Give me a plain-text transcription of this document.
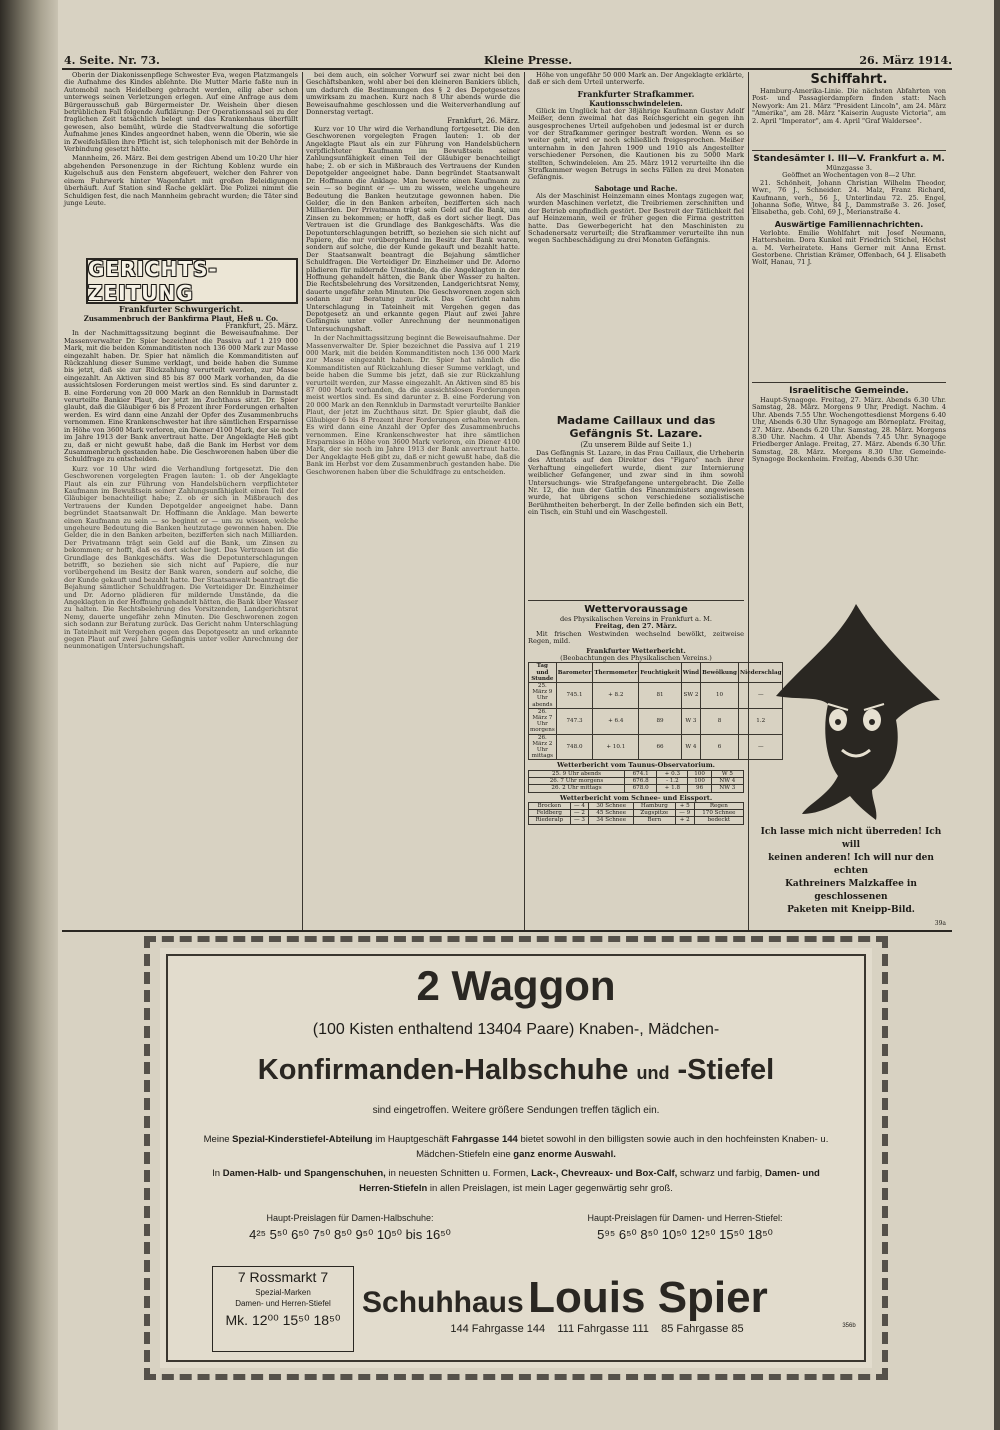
4. Seite. Nr. 73.	Kleine Presse.	26. März 1914.

Oberin der Diakonissenpflege Schwester Eva, wegen Platzmangels die Aufnahme des Kindes ablehnte. Die Mutter Marie faßte nun in Automobil nach Heidelberg gebracht werden, eilig aber schon unterwegs seinen Verletzungen erlegen. Auf eine Anfrage aus dem Bürgerausschuß gab Bürgermeister Dr. Weishein über diesen betrüblichen Fall folgende Aufklärung: Der Operationssaal sei zu der fraglichen Zeit tatsächlich belegt und das Krankenhaus überfüllt gewesen, also bemüht, würde die Stadtverwaltung die sofortige Aufnahme jenes Kindes angeordnet haben, wenn die Oberin, wie sie in Zweifelsfällen ihre Pflicht ist, sich telephonisch mit der Behörde in Verbindung gesetzt hätte.

Mannheim, 26. März. Bei dem gestrigen Abend um 10:20 Uhr hier abgehenden Personenzuge in der Richtung Koblenz wurde ein Kugelschuß aus den Fenstern abgefeuert, welcher den Fahrer von einem Fuhrwerk hinter Wagenfahrt mit großen Beleidigungen überhäuft. Auf Station sind Rache geklärt. Die Polizei nimmt die Schuldigen fest, die nach Mannheim gebracht wurden; die Täter sind junge Leute.

GERICHTS-ZEITUNG
Frankfurter Schwurgericht.
Zusammenbruch der Bankfirma Plaut, Heß u. Co.
Frankfurt, 25. März.

In der Nachmittagssitzung beginnt die Beweisaufnahme. Der Massenverwalter Dr. Spier bezeichnet die Passiva auf 1 219 000 Mark, mit die beiden Kommanditisten noch 136 000 Mark zur Masse eingezahlt haben. Dr. Spier hat nämlich die Kommanditisten auf Rückzahlung dieser Summe verklagt, und beide haben die Summe bis jetzt, daß sie zur Rückzahlung verurteilt werden, zur Masse eingezahlt. An Aktiven sind 85 bis 87 000 Mark vorhanden, da die aussichtslosen Forderungen meist wertlos sind. Es sind darunter z. B. eine Forderung von 20 000 Mark an den Rennklub in Darmstadt verurteilte Bankier Plaut, der jetzt im Zuchthaus sitzt. Dr. Spier glaubt, daß die Gläubiger 6 bis 8 Prozent ihrer Forderungen erhalten werden. Es wird dann eine Anzahl der Opfer des Zusammenbruchs vernommen. Eine Krankenschwester hat ihre sämtlichen Ersparnisse in Höhe von 3600 Mark verloren, ein Diener 4100 Mark, der sie noch im Jahre 1913 der Bank anvertraut hatte. Der Angeklagte Heß gibt zu, daß er nicht gewußt habe, daß die Bank im Herbst vor dem Zusammenbruch gestanden habe. Die Geschworenen haben über die Schuldfrage zu entscheiden.

Kurz vor 10 Uhr wird die Verhandlung fortgesetzt. Die den Geschworenen vorgelegten Fragen lauten: 1. ob der Angeklagte Plaut als ein zur Führung von Handelsbüchern verpflichteter Kaufmann im Bewußtsein seiner Zahlungsunfähigkeit einen Teil der Gläubiger benachteiligt habe; 2. ob er sich in Mißbrauch des Vertrauens der Kunden Depotgelder angeeignet habe. Dann begründet Staatsanwalt Dr. Hoffmann die Anklage. Man bewerte einen Kaufmann zu sein — so beginnt er — um zu wissen, welche ungeheure Bedeutung die Banken heutzutage gewonnen haben. Die Gelder, die in den Banken arbeiten, bezifferten sich nach Milliarden. Der Privatmann trägt sein Geld auf die Bank, um Zinsen zu bekommen; er hofft, daß es dort sicher liegt. Das Vertrauen ist die Grundlage des Bankgeschäfts. Was die Depotunterschlagungen betrifft, so beziehen sie sich nicht auf Papiere, die nur vorübergehend im Besitz der Bank waren, sondern auf solche, die der Kunde gekauft und bezahlt hatte. Der Staatsanwalt beantragt die Bejahung sämtlicher Schuldfragen. Die Verteidiger Dr. Einzheimer und Dr. Adorno plädieren für mildernde Umstände, da die Angeklagten in der Hoffnung gehandelt hätten, die Bank über Wasser zu halten. Die Rechtsbelehrung des Vorsitzenden, Landgerichtsrat Nemy, dauerte ungefähr zehn Minuten. Die Geschworenen zogen sich sodann zur Beratung zurück. Das Gericht nahm Unterschlagung in Tateinheit mit Vergehen gegen das Depotgesetz an und erkannte gegen Plaut auf zwei Jahre Gefängnis unter voller Anrechnung der neunmonatigen Untersuchungshaft.

bei dem auch, ein solcher Vorwurf sei zwar nicht bei den Geschäftsbanken, wohl aber bei den kleineren Bankiers üblich, um dadurch die Bestimmungen des § 2 des Depotgesetzes umwirksam zu machen. Kurz nach 8 Uhr abends wurde die Beweisaufnahme geschlossen und die Weiterverhandlung auf Donnerstag vertagt.

Frankfurt, 26. März.

Kurz vor 10 Uhr wird die Verhandlung fortgesetzt. Die den Geschworenen vorgelegten Fragen lauten: 1. ob der Angeklagte Plaut als ein zur Führung von Handelsbüchern verpflichteter Kaufmann im Bewußtsein seiner Zahlungsunfähigkeit einen Teil der Gläubiger benachteiligt habe; 2. ob er sich in Mißbrauch des Vertrauens der Kunden Depotgelder angeeignet habe. Dann begründet Staatsanwalt Dr. Hoffmann die Anklage. Man bewerte einen Kaufmann zu sein — so beginnt er — um zu wissen, welche ungeheure Bedeutung die Banken heutzutage gewonnen haben. Die Gelder, die in den Banken arbeiten, bezifferten sich nach Milliarden. Der Privatmann trägt sein Geld auf die Bank, um Zinsen zu bekommen; er hofft, daß es dort sicher liegt. Das Vertrauen ist die Grundlage des Bankgeschäfts. Was die Depotunterschlagungen betrifft, so beziehen sie sich nicht auf Papiere, die nur vorübergehend im Besitz der Bank waren, sondern auf solche, die der Kunde gekauft und bezahlt hatte. Der Staatsanwalt beantragt die Bejahung sämtlicher Schuldfragen. Die Verteidiger Dr. Einzheimer und Dr. Adorno plädieren für mildernde Umstände, da die Angeklagten in der Hoffnung gehandelt hätten, die Bank über Wasser zu halten. Die Rechtsbelehrung des Vorsitzenden, Landgerichtsrat Nemy, dauerte ungefähr zehn Minuten. Die Geschworenen zogen sich sodann zur Beratung zurück. Das Gericht nahm Unterschlagung in Tateinheit mit Vergehen gegen das Depotgesetz an und erkannte gegen Plaut auf zwei Jahre Gefängnis unter voller Anrechnung der neunmonatigen Untersuchungshaft.

In der Nachmittagssitzung beginnt die Beweisaufnahme. Der Massenverwalter Dr. Spier bezeichnet die Passiva auf 1 219 000 Mark, mit die beiden Kommanditisten noch 136 000 Mark zur Masse eingezahlt haben. Dr. Spier hat nämlich die Kommanditisten auf Rückzahlung dieser Summe verklagt, und beide haben die Summe bis jetzt, daß sie zur Rückzahlung verurteilt werden, zur Masse eingezahlt. An Aktiven sind 85 bis 87 000 Mark vorhanden, da die aussichtslosen Forderungen meist wertlos sind. Es sind darunter z. B. eine Forderung von 20 000 Mark an den Rennklub in Darmstadt verurteilte Bankier Plaut, der jetzt im Zuchthaus sitzt. Dr. Spier glaubt, daß die Gläubiger 6 bis 8 Prozent ihrer Forderungen erhalten werden. Es wird dann eine Anzahl der Opfer des Zusammenbruchs vernommen. Eine Krankenschwester hat ihre sämtlichen Ersparnisse in Höhe von 3600 Mark verloren, ein Diener 4100 Mark, der sie noch im Jahre 1913 der Bank anvertraut hatte. Der Angeklagte Heß gibt zu, daß er nicht gewußt habe, daß die Bank im Herbst vor dem Zusammenbruch gestanden habe. Die Geschworenen haben über die Schuldfrage zu entscheiden.

Höhe von ungefähr 50 000 Mark an. Der Angeklagte erklärte, daß er sich dem Urteil unterwerfe.

Frankfurter Strafkammer.
Kautionsschwindeleien.

Glück im Unglück hat der 38jährige Kaufmann Gustav Adolf Meißer, denn zweimal hat das Reichsgericht ein gegen ihn ausgesprochenes Urteil aufgehoben und jedesmal ist er durch vor der Strafkammer geringer bestraft worden. Wenn es so weiter geht, wird er noch schließlich freigesprochen. Meißer unternahm in den Jahren 1909 und 1910 als Angestellter verschiedener Personen, die Kautionen bis zu 5000 Mark stellten, Schwindeleien. Am 25. März 1912 verurteilte ihn die Strafkammer wegen Betrugs in sechs Fällen zu drei Monaten Gefängnis.

Sabotage und Rache.

Als der Maschinist Heinzemann eines Montags zugegen war, wurden Maschinen verletzt, die Treibriemen zerschnitten und der Betrieb empfindlich gestört. Der Bestreit der Tätlichkeit fiel auf Heinzemann, weil er früher gegen die Firma gestritten hatte. Das Gewerbegericht hat den Maschinisten zu Schadenersatz verurteilt; die Strafkammer verurteilte ihn nun wegen Sachbeschädigung zu drei Monaten Gefängnis.

Madame Caillaux und das Gefängnis St. Lazare.
(Zu unserem Bilde auf Seite 1.)

Das Gefängnis St. Lazare, in das Frau Caillaux, die Urheberin des Attentats auf den Direktor des "Figaro" nach ihrer Verhaftung eingeliefert wurde, dient zur Internierung weiblicher Gefangener, und zwar sind in ihm sowohl Untersuchungs- wie Strafgefangene untergebracht. Die Zelle Nr. 12, die nun der Gattin des Finanzministers angewiesen wurde, hat übrigens schon verschiedene sozialistische Berühmtheiten beherbergt. In der Zelle befinden sich ein Bett, ein Tisch, ein Stuhl und ein Waschgestell.

Wettervoraussage
des Physikalischen Vereins in Frankfurt a. M.
Freitag, den 27. März.

Mit frischen Westwinden wechselnd bewölkt, zeitweise Regen, mild.

Frankfurter Wetterbericht.
(Beobachtungen des Physikalischen Vereins.)
Tag und Stunde	Barometer	Thermometer	Feuchtigkeit	Wind	Bewölkung	Niederschlag
25. März 9 Uhr abends	745.1	+ 8.2	81	SW 2	10	—
26. März 7 Uhr morgens	747.3	+ 6.4	89	W 3	8	1.2
26. März 2 Uhr mittags	748.0	+ 10.1	66	W 4	6	—
Wetterbericht vom Taunus-Observatorium.
25. 9 Uhr abends	674.1	+ 0.3	100	W 5
26. 7 Uhr morgens	676.8	- 1.2	100	NW 4
26. 2 Uhr mittags	678.0	+ 1.8	96	NW 3
Wetterbericht vom Schnee- und Eissport.
Brocken	— 4	30 Schnee	Hamburg	+ 5	Regen
Feldberg	— 2	45 Schnee	Zugspitze	— 9	170 Schnee
Riederalp	— 3	34 Schnee	Bern	+ 2	bedeckt
Schiffahrt.

Hamburg-Amerika-Linie. Die nächsten Abfahrten von Post- und Passagierdampfern finden statt: Nach Newyork: Am 21. März "President Lincoln", am 24. März "Amerika", am 28. März "Kaiserin Auguste Victoria", am 2. April "Imperator", am 4. April "Graf Waldersee".

Standesämter I. III—V. Frankfurt a. M.
Münzgasse 3.
Geöffnet an Wochentagen von 8—2 Uhr.

21. Schönheit, Johann Christian Wilhelm Theodor, Wwr., 76 J., Schneider. 24. Malz, Franz Richard, Kaufmann, verh., 56 J., Unterlindau 72. 25. Engel, Johanna Sofie, Witwe, 84 J., Dammstraße 3. 26. Josef, Elisabetha, geb. Cohl, 69 J., Merianstraße 4.

Auswärtige Familiennachrichten.

Verlobte. Emilie Wohlfahrt mit Josef Neumann, Hattersheim. Dora Kunkel mit Friedrich Stichel, Höchst a. M. Verheiratete. Hans Gerner mit Anna Ernst. Gestorbene. Christian Krämer, Offenbach, 64 J. Elisabeth Wolf, Hanau, 71 J.

Israelitische Gemeinde.

Haupt-Synagoge. Freitag, 27. März. Abends 6.30 Uhr. Samstag, 28. März. Morgens 9 Uhr, Predigt. Nachm. 4 Uhr. Abends 7.55 Uhr. Wochengottesdienst Morgens 6.40 Uhr, Abends 6.30 Uhr. Synagoge am Börneplatz. Freitag, 27. März. Abends 6.20 Uhr. Samstag, 28. März. Morgens 8.30 Uhr. Nachm. 4 Uhr. Abends 7.45 Uhr. Synagoge Friedberger Anlage. Freitag, 27. März. Abends 6.30 Uhr. Samstag, 28. März. Morgens 8.30 Uhr. Gemeinde-Synagoge Bockenheim. Freitag, Abends 6.30 Uhr.

Ich lasse mich nicht überreden! Ich will
keinen anderen! Ich will nur den echten
Kathreiners Malzkaffee in geschlossenen
Paketen mit Kneipp-Bild.
39a
2 Waggon
(100 Kisten enthaltend 13404 Paare) Knaben-, Mädchen-
Konfirmanden-Halbschuhe und -Stiefel
sind eingetroffen. Weitere größere Sendungen treffen täglich ein.
Meine Spezial-Kinderstiefel-Abteilung im Hauptgeschäft Fahrgasse 144 bietet sowohl in den billigsten sowie auch in den hochfeinsten Knaben- u. Mädchen-Stiefeln eine ganz enorme Auswahl.
In Damen-Halb- und Spangenschuhen, in neuesten Schnitten u. Formen, Lack-, Chevreaux- und Box-Calf, schwarz und farbig, Damen- und Herren-Stiefeln in allen Preislagen, ist mein Lager gegenwärtig sehr groß.
Haupt-Preislagen für Damen-Halbschuhe:
4²⁵ 5⁵⁰ 6⁵⁰ 7⁵⁰ 8⁵⁰ 9⁵⁰ 10⁵⁰ bis 16⁵⁰
Haupt-Preislagen für Damen- und Herren-Stiefel:
5⁹⁵ 6⁵⁰ 8⁵⁰ 10⁵⁰ 12⁵⁰ 15⁵⁰ 18⁵⁰
7 Rossmarkt 7
Spezial-Marken
Damen- und Herren-Stiefel
Mk. 12⁰⁰ 15⁵⁰ 18⁵⁰
Schuhhaus Louis Spier
144 Fahrgasse 144    111 Fahrgasse 111    85 Fahrgasse 85	356b
